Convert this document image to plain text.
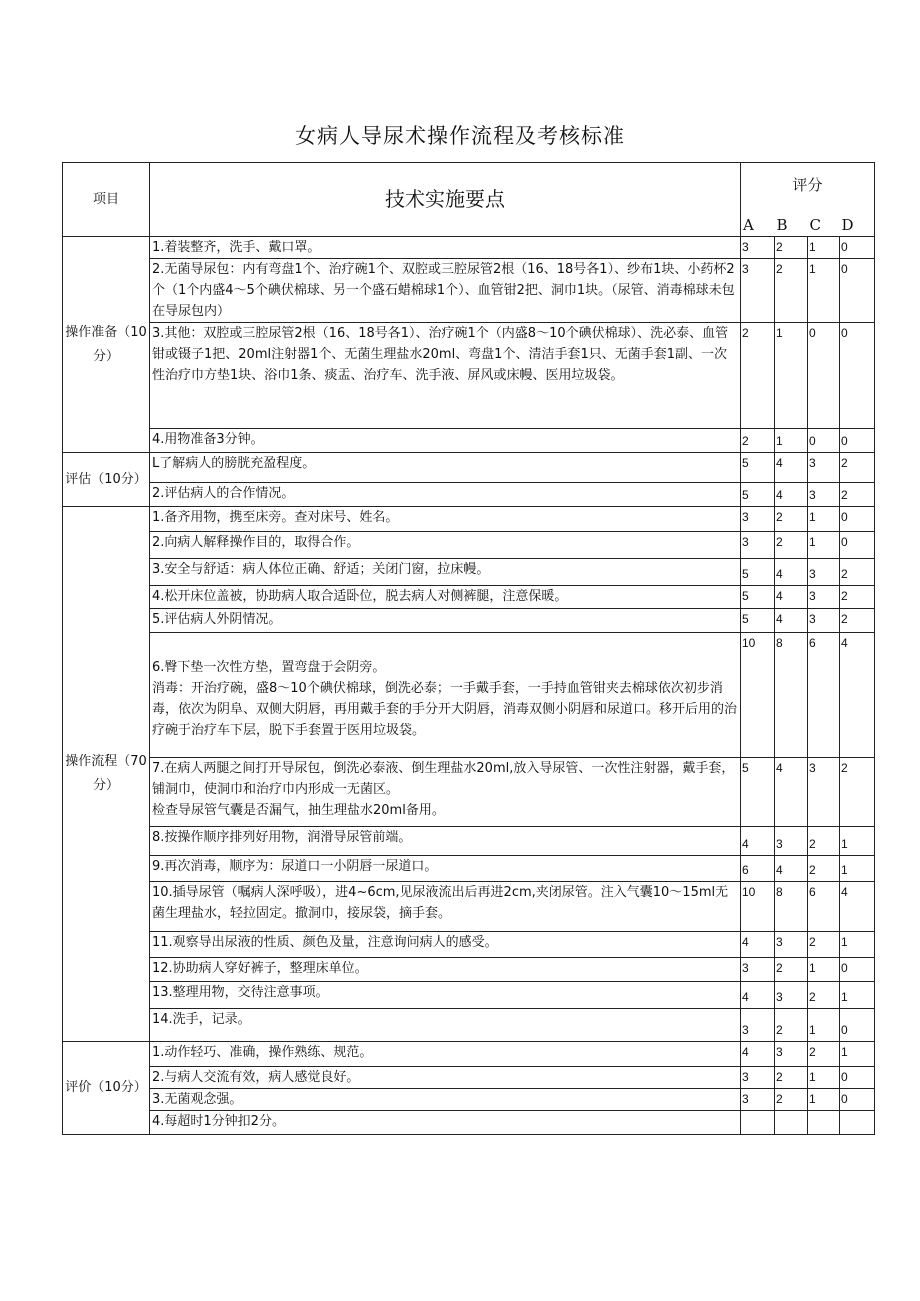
女病人导尿术操作流程及考核标准
项目	技术实施要点	评分			
		A	B	C	D
操作准备（10分）	1.着装整齐，洗手、戴口罩。	3	2	1	0

	2.无菌导尿包：内有弯盘1个、治疗碗1个、双腔或三腔尿管2根（16、18号各1）、纱布1块、小药杯2个（1个内盛4～5个碘伏棉球、另一个盛石蜡棉球1个）、血管钳2把、洞巾1块。（尿管、消毒棉球未包在导尿包内）	3	2	1	0

	3.其他：双腔或三腔尿管2根（16、18号各1）、治疗碗1个（内盛8～10个碘伏棉球）、洗必泰、血管钳或镊子1把、20ml注射器1个、无菌生理盐水20ml、弯盘1个、清洁手套1只、无菌手套1副、一次性治疗巾方垫1块、浴巾1条、痰盂、治疗车、洗手液、屏风或床幔、医用垃圾袋。	2	1	0	0

	4.用物准备3分钟。	2	1	0	0
评估（10分）	L了解病人的膀胱充盈程度。	5	4	3	2

	2.评估病人的合作情况。	5	4	3	2
操作流程（70分）	1.备齐用物，携至床旁。查对床号、姓名。	3	2	1	0

	2.向病人解释操作目的，取得合作。	3	2	1	0

	3.安全与舒适：病人体位正确、舒适；关闭门窗，拉床幔。	5	4	3	2

	4.松开床位盖被，协助病人取合适卧位，脱去病人对侧裤腿，注意保暖。	5	4	3	2

	5.评估病人外阴情况。	5	4	3	2

	6.臀下垫一次性方垫，置弯盘于会阴旁。
消毒：开治疗碗，盛8～10个碘伏棉球，倒洗必泰；一手戴手套，一手持血管钳夹去棉球依次初步消毒，依次为阴阜、双侧大阴唇，再用戴手套的手分开大阴唇，消毒双侧小阴唇和尿道口。移开后用的治疗碗于治疗车下层，脱下手套置于医用垃圾袋。	10	8	6	4

	7.在病人两腿之间打开导尿包，倒洗必泰液、倒生理盐水20ml,放入导尿管、一次性注射器，戴手套，铺洞巾，使洞巾和治疗巾内形成一无菌区。
检查导尿管气囊是否漏气，抽生理盐水20ml备用。	5	4	3	2

	8.按操作顺序排列好用物，润滑导尿管前端。	4	3	2	1

	9.再次消毒，顺序为：尿道口一小阴唇一尿道口。	6	4	2	1

	10.插导尿管（嘱病人深呼吸），进4~6cm,见尿液流出后再进2cm,夹闭尿管。注入气囊10～15ml无菌生理盐水，轻拉固定。撤洞巾，接尿袋，摘手套。	10	8	6	4

	11.观察导出尿液的性质、颜色及量，注意询问病人的感受。	4	3	2	1

	12.协助病人穿好裤子，整理床单位。	3	2	1	0

	13.整理用物，交待注意事项。	4	3	2	1

	14.洗手，记录。	3	2	1	0
评价（10分）	1.动作轻巧、准确，操作熟练、规范。	4	3	2	1

	2.与病人交流有效，病人感觉良好。	3	2	1	0

	3.无菌观念强。	3	2	1	0

	4.每超时1分钟扣2分。				
